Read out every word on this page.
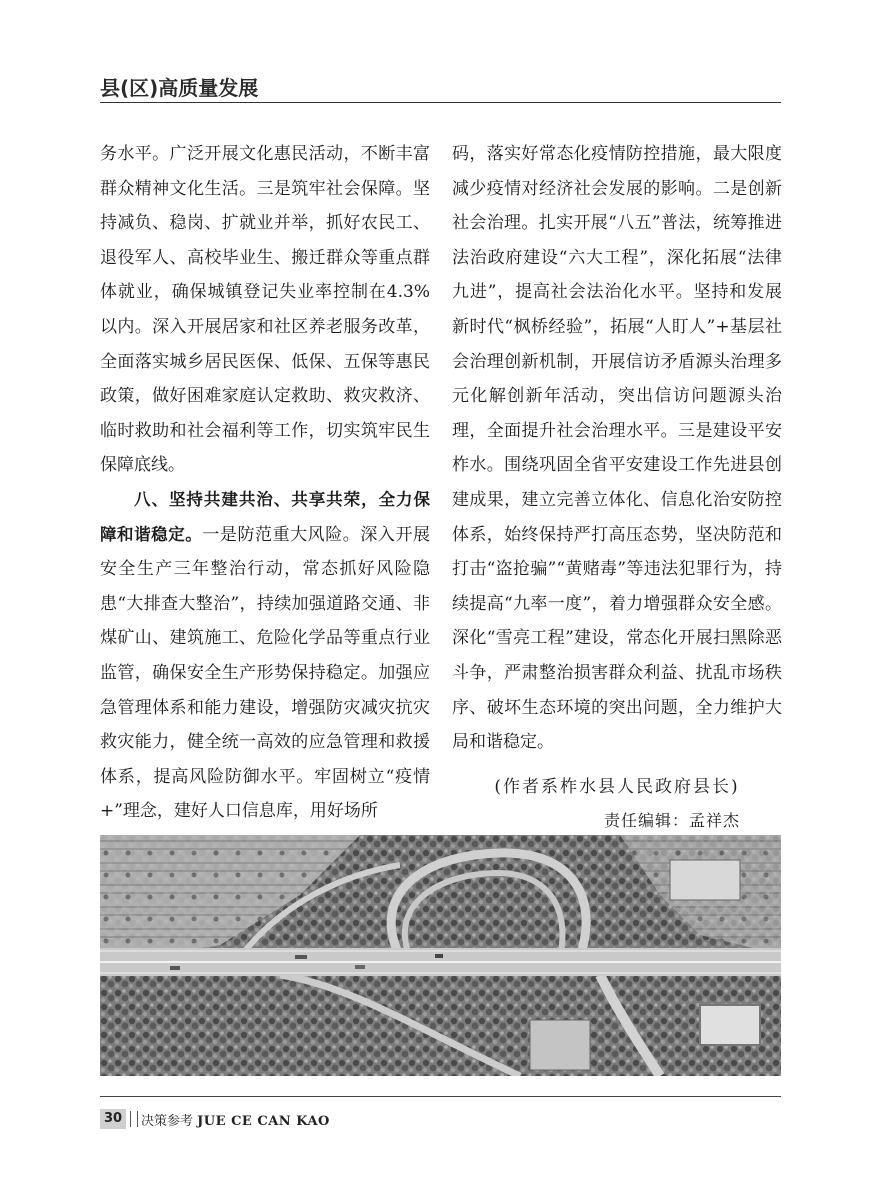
县(区)高质量发展

务水平。广泛开展文化惠民活动，不断丰富群众精神文化生活。三是筑牢社会保障。坚持减负、稳岗、扩就业并举，抓好农民工、退役军人、高校毕业生、搬迁群众等重点群体就业，确保城镇登记失业率控制在4.3%以内。深入开展居家和社区养老服务改革，全面落实城乡居民医保、低保、五保等惠民政策，做好困难家庭认定救助、救灾救济、临时救助和社会福利等工作，切实筑牢民生保障底线。

八、坚持共建共治、共享共荣，全力保障和谐稳定。一是防范重大风险。深入开展安全生产三年整治行动，常态抓好风险隐患“大排查大整治”，持续加强道路交通、非煤矿山、建筑施工、危险化学品等重点行业监管，确保安全生产形势保持稳定。加强应急管理体系和能力建设，增强防灾减灾抗灾救灾能力，健全统一高效的应急管理和救援体系，提高风险防御水平。牢固树立“疫情+”理念，建好人口信息库，用好场所

码，落实好常态化疫情防控措施，最大限度减少疫情对经济社会发展的影响。二是创新社会治理。扎实开展“八五”普法，统筹推进法治政府建设“六大工程”，深化拓展“法律九进”，提高社会法治化水平。坚持和发展新时代“枫桥经验”，拓展“人盯人”+基层社会治理创新机制，开展信访矛盾源头治理多元化解创新年活动，突出信访问题源头治理，全面提升社会治理水平。三是建设平安柞水。围绕巩固全省平安建设工作先进县创建成果，建立完善立体化、信息化治安防控体系，始终保持严打高压态势，坚决防范和打击“盗抢骗”“黄赌毒”等违法犯罪行为，持续提高“九率一度”，着力增强群众安全感。深化“雪亮工程”建设，常态化开展扫黑除恶斗争，严肃整治损害群众利益、扰乱市场秩序、破坏生态环境的突出问题，全力维护大局和谐稳定。

(作者系柞水县人民政府县长)

责任编辑：孟祥杰

30	决策参考 JUE CE CAN KAO
